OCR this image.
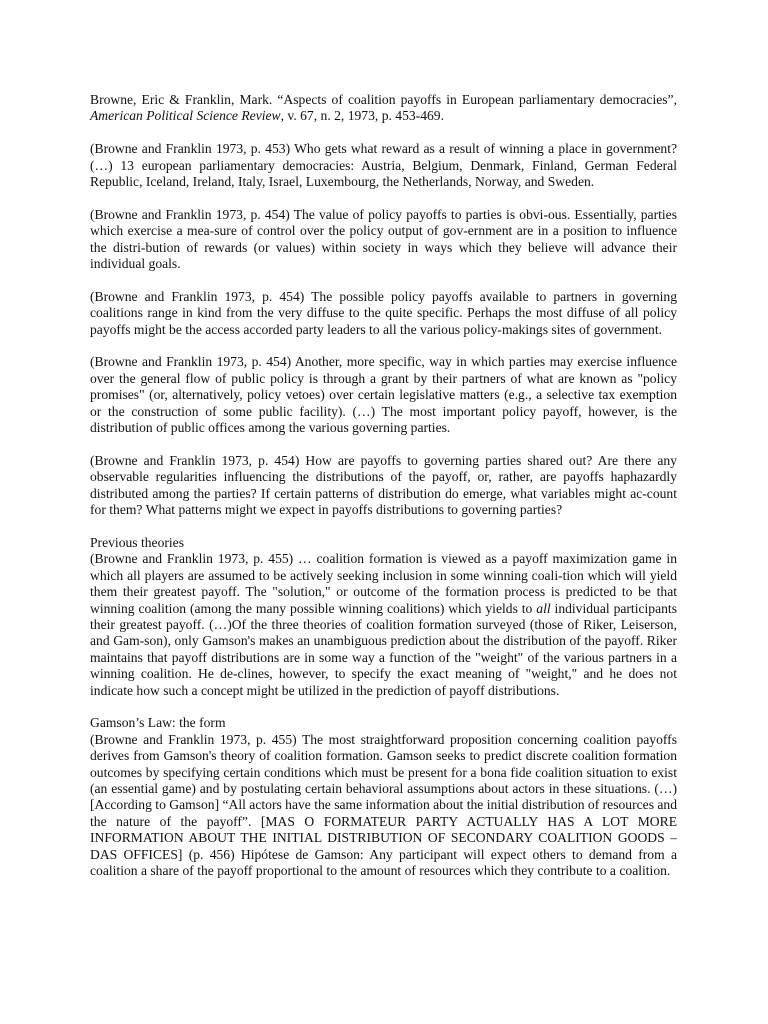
Browne, Eric & Franklin, Mark. “Aspects of coalition payoffs in European parliamentary democracies”, American Political Science Review, v. 67, n. 2, 1973, p. 453-469.

(Browne and Franklin 1973, p. 453) Who gets what reward as a result of winning a place in government? (…) 13 european parliamentary democracies: Austria, Belgium, Denmark, Finland, German Federal Republic, Iceland, Ireland, Italy, Israel, Luxembourg, the Netherlands, Norway, and Sweden.

(Browne and Franklin 1973, p. 454) The value of policy payoffs to parties is obvi-ous. Essentially, parties which exercise a mea-sure of control over the policy output of gov-ernment are in a position to influence the distri-bution of rewards (or values) within society in ways which they believe will advance their individual goals.

(Browne and Franklin 1973, p. 454) The possible policy payoffs available to partners in governing coalitions range in kind from the very diffuse to the quite specific. Perhaps the most diffuse of all policy payoffs might be the access accorded party leaders to all the various policy-makings sites of government.

(Browne and Franklin 1973, p. 454) Another, more specific, way in which parties may exercise influence over the general flow of public policy is through a grant by their partners of what are known as "policy promises" (or, alternatively, policy vetoes) over certain legislative matters (e.g., a selective tax exemption or the construction of some public facility). (…) The most important policy payoff, however, is the distribution of public offices among the various governing parties.

(Browne and Franklin 1973, p. 454) How are payoffs to governing parties shared out? Are there any observable regularities influencing the distributions of the payoff, or, rather, are payoffs haphazardly distributed among the parties? If certain patterns of distribution do emerge, what variables might ac-count for them? What patterns might we expect in payoffs distributions to governing parties?

Previous theories
(Browne and Franklin 1973, p. 455) … coalition formation is viewed as a payoff maximization game in which all players are assumed to be actively seeking inclusion in some winning coali-tion which will yield them their greatest payoff. The "solution," or outcome of the formation process is predicted to be that winning coalition (among the many possible winning coalitions) which yields to all individual participants their greatest payoff. (…)Of the three theories of coalition formation surveyed (those of Riker, Leiserson, and Gam-son), only Gamson's makes an unambiguous prediction about the distribution of the payoff. Riker maintains that payoff distributions are in some way a function of the "weight" of the various partners in a winning coalition. He de-clines, however, to specify the exact meaning of "weight," and he does not indicate how such a concept might be utilized in the prediction of payoff distributions.

Gamson’s Law: the form
(Browne and Franklin 1973, p. 455) The most straightforward proposition concerning coalition payoffs derives from Gamson's theory of coalition formation. Gamson seeks to predict discrete coalition formation outcomes by specifying certain conditions which must be present for a bona fide coalition situation to exist (an essential game) and by postulating certain behavioral assumptions about actors in these situations. (…) [According to Gamson] “All actors have the same information about the initial distribution of resources and the nature of the payoff”. [MAS O FORMATEUR PARTY ACTUALLY HAS A LOT MORE INFORMATION ABOUT THE INITIAL DISTRIBUTION OF SECONDARY COALITION GOODS – DAS OFFICES] (p. 456) Hipótese de Gamson: Any participant will expect others to demand from a coalition a share of the payoff proportional to the amount of resources which they contribute to a coalition.
